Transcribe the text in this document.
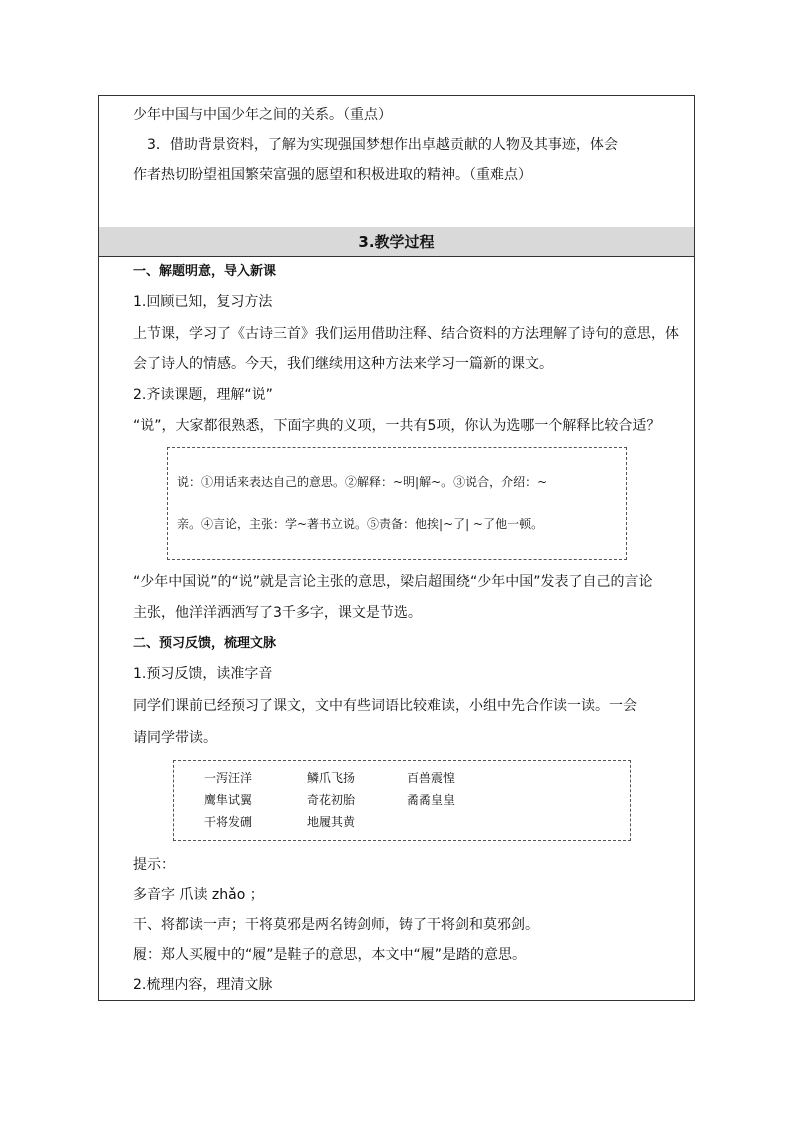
少年中国与中国少年之间的关系。（重点）
3．借助背景资料，了解为实现强国梦想作出卓越贡献的人物及其事迹，体会
作者热切盼望祖国繁荣富强的愿望和积极进取的精神。（重难点）
3.教学过程
一、解题明意，导入新课
1.回顾已知，复习方法
上节课，学习了《古诗三首》我们运用借助注释、结合资料的方法理解了诗句的意思，体
会了诗人的情感。今天，我们继续用这种方法来学习一篇新的课文。
2.齐读课题，理解“说”
“说”，大家都很熟悉，下面字典的义项，一共有5项，你认为选哪一个解释比较合适？
说：①用话来表达自己的意思。②解释：~明|解~。③说合，介绍：~
亲。④言论，主张：学~著书立说。⑤责备：他挨|~了| ~了他一顿。
“少年中国说”的“说”就是言论主张的意思，梁启超围绕“少年中国”发表了自己的言论
主张，他洋洋洒洒写了3千多字，课文是节选。
二、预习反馈，梳理文脉
1.预习反馈，读准字音
同学们课前已经预习了课文，文中有些词语比较难读，小组中先合作读一读。一会
请同学带读。
一泻汪洋	鳞爪飞扬	百兽震惶
鹰隼试翼	奇花初胎	矞矞皇皇
干将发硎	地履其黄
提示：
多音字 爪读 zhǎo ；
干、将都读一声；干将莫邪是两名铸剑师，铸了干将剑和莫邪剑。
履：郑人买履中的“履”是鞋子的意思，本文中“履”是踏的意思。
2.梳理内容，理清文脉
